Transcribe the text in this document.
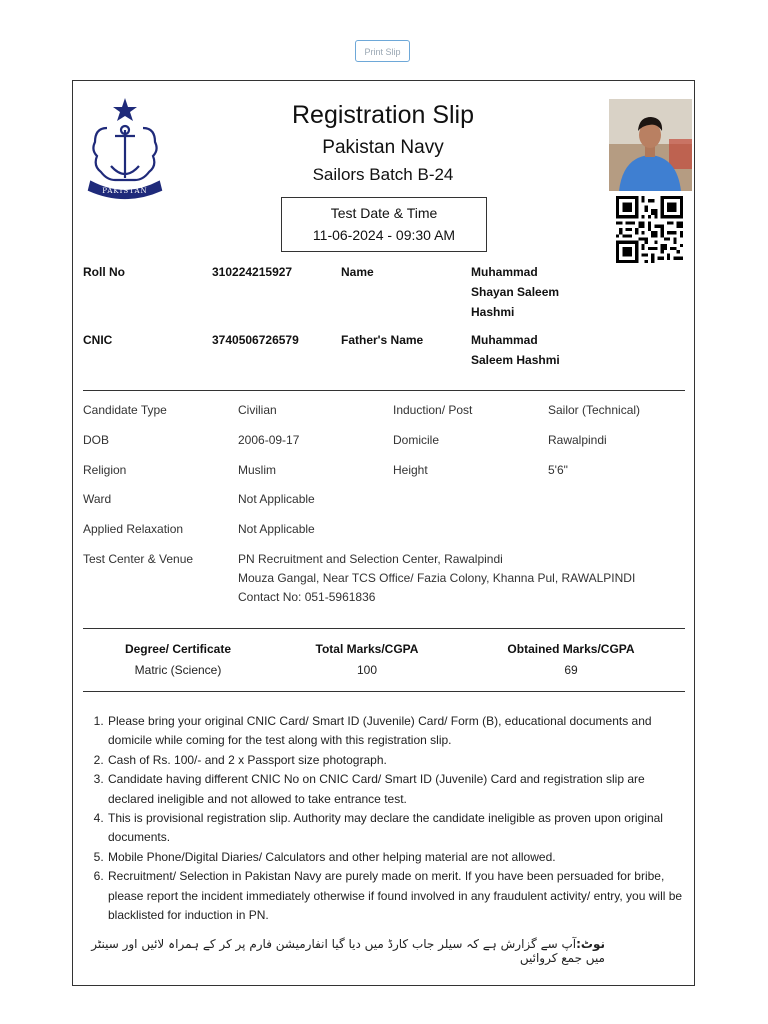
Print Slip
PAKISTAN
Registration Slip
Pakistan Navy
Sailors Batch B-24
Test Date & Time
11-06-2024 - 09:30 AM
Roll No	310224215927	Name	Muhammad
Shayan Saleem
Hashmi
CNIC	3740506726579	Father's Name	Muhammad
Saleem Hashmi
Candidate Type	Civilian	Induction/ Post	Sailor (Technical)
DOB	2006-09-17	Domicile	Rawalpindi
Religion	Muslim	Height	5'6"
Ward	Not Applicable
Applied Relaxation	Not Applicable
Test Center & Venue	PN Recruitment and Selection Center, Rawalpindi
Mouza Gangal, Near TCS Office/ Fazia Colony, Khanna Pul, RAWALPINDI
Contact No: 051-5961836
Degree/ Certificate	Total Marks/CGPA	Obtained Marks/CGPA
Matric (Science)	100	69
1. Please bring your original CNIC Card/ Smart ID (Juvenile) Card/ Form (B), educational documents and domicile while coming for the test along with this registration slip.
2. Cash of Rs. 100/- and 2 x Passport size photograph.
3. Candidate having different CNIC No on CNIC Card/ Smart ID (Juvenile) Card and registration slip are declared ineligible and not allowed to take entrance test.
4. This is provisional registration slip. Authority may declare the candidate ineligible as proven upon original documents.
5. Mobile Phone/Digital Diaries/ Calculators and other helping material are not allowed.
6. Recruitment/ Selection in Pakistan Navy are purely made on merit. If you have been persuaded for bribe, please report the incident immediately otherwise if found involved in any fraudulent activity/ entry, you will be blacklisted for induction in PN.
نوٹ:آپ سے گزارش ہے کہ سیلر جاب کارڈ میں دیا گیا انفارمیشن فارم پر کر کے ہمراہ لائیں اور سینٹر میں جمع کروائیں
